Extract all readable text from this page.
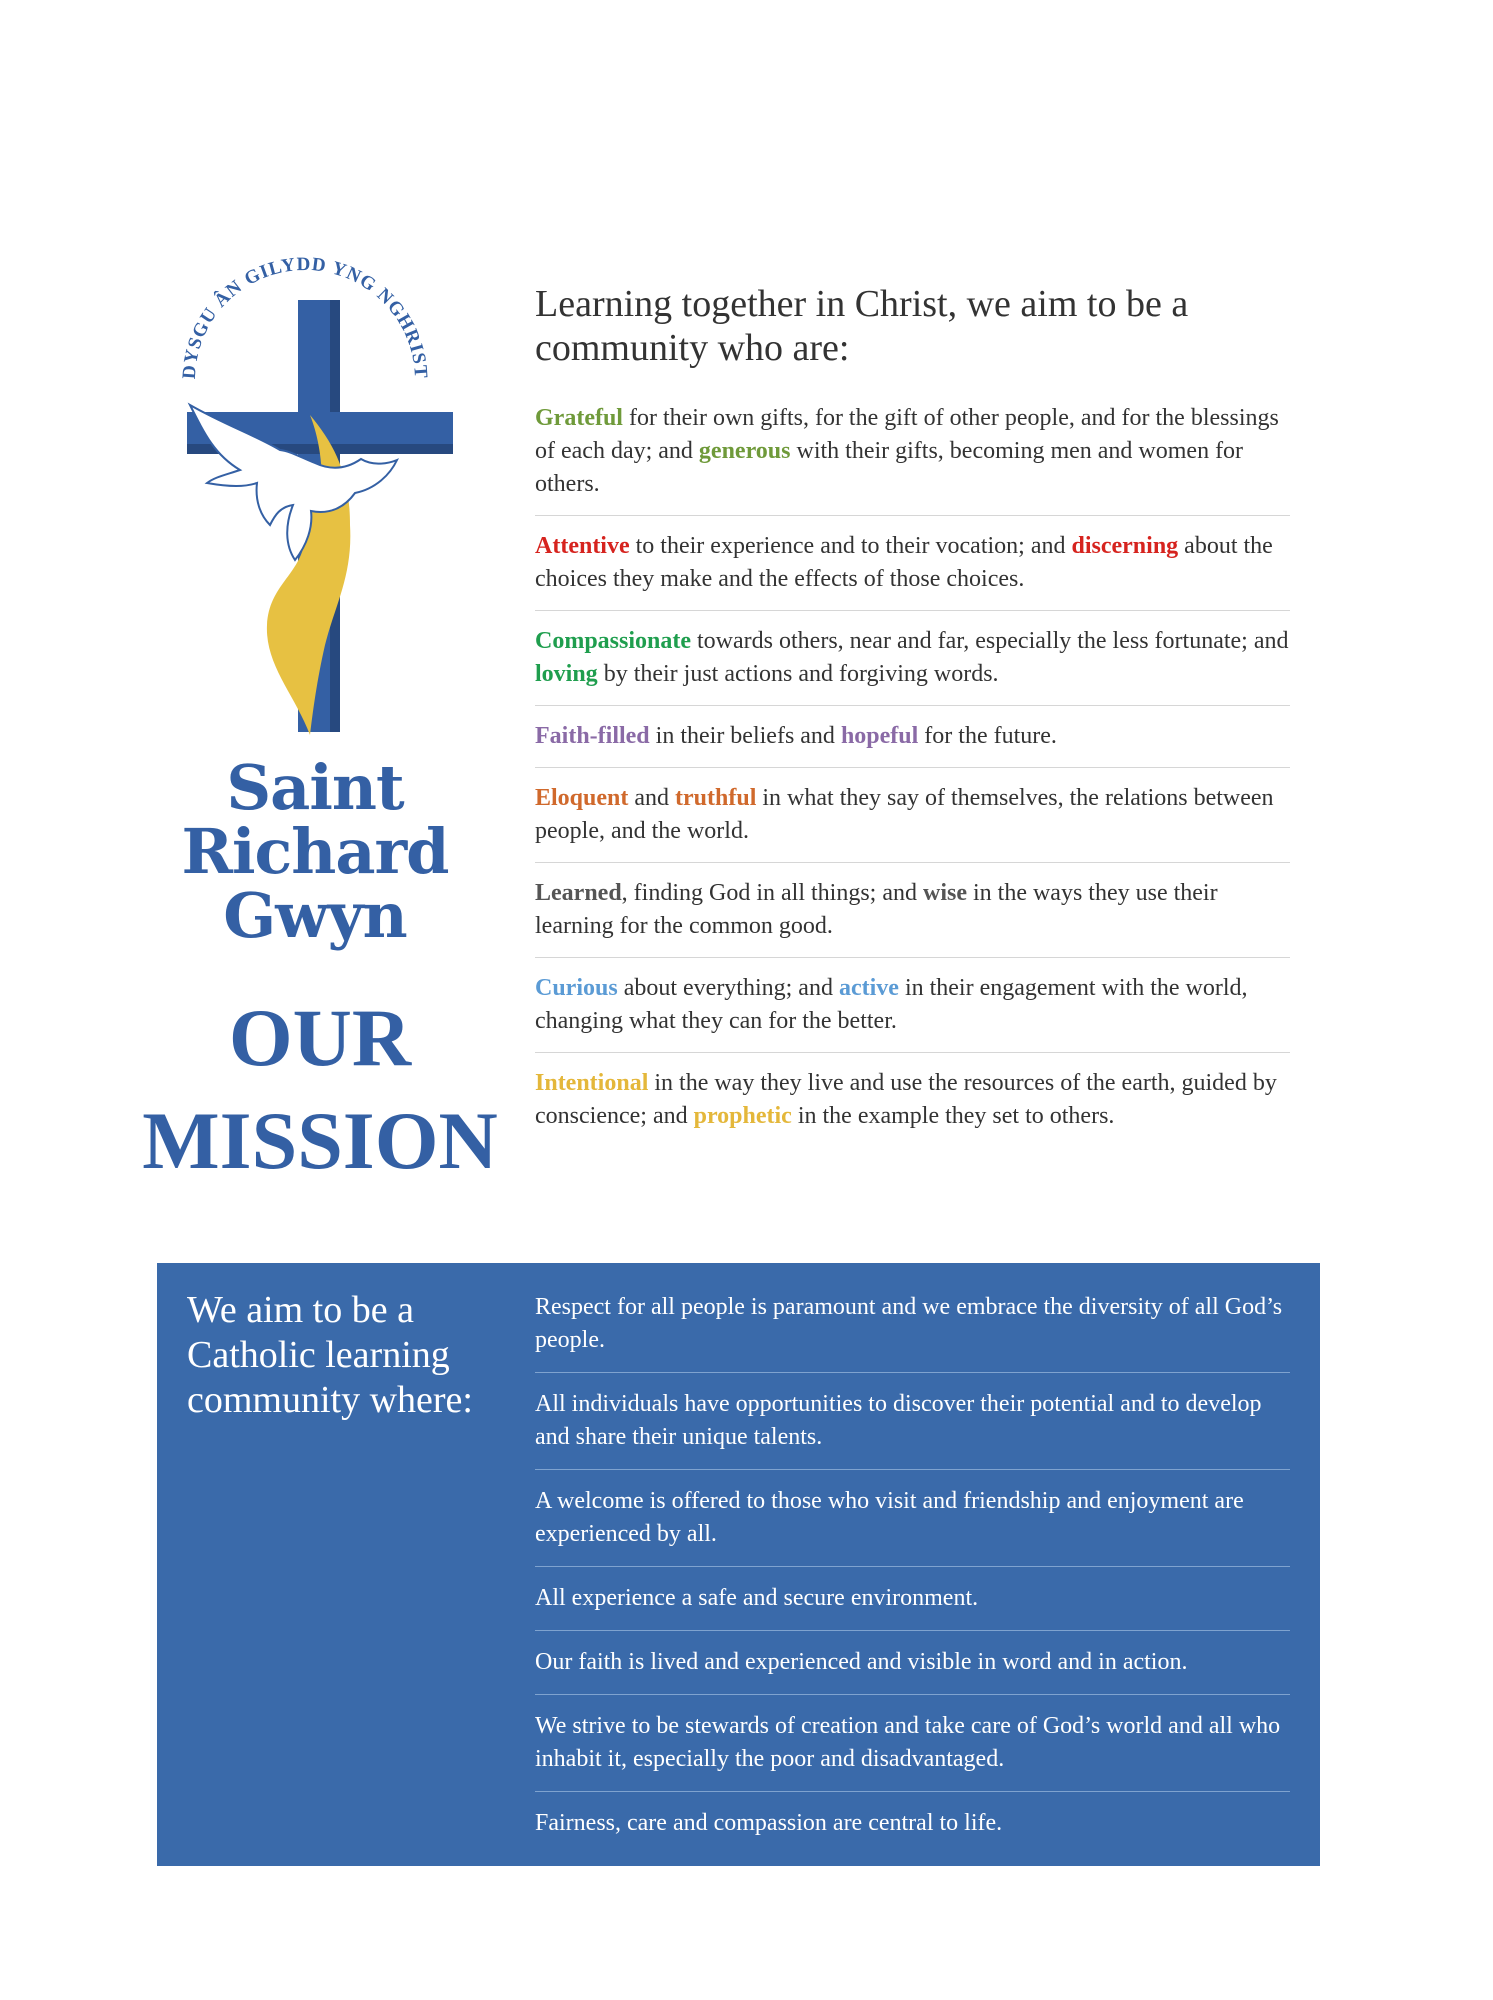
DYSGU ÂN GILYDD YNG NGHRIST
Saint
Richard
Gwyn
OUR
MISSION
Learning together in Christ, we aim to be a community who are:
Grateful for their own gifts, for the gift of other people, and for the blessings of each day; and generous with their gifts, becoming men and women for others.
Attentive to their experience and to their vocation; and discerning about the choices they make and the effects of those choices.
Compassionate towards others, near and far, especially the less fortunate; and loving by their just actions and forgiving words.
Faith-filled in their beliefs and hopeful for the future.
Eloquent and truthful in what they say of themselves, the relations between people, and the world.
Learned, finding God in all things; and wise in the ways they use their learning for the common good.
Curious about everything; and active in their engagement with the world, changing what they can for the better.
Intentional in the way they live and use the resources of the earth, guided by conscience; and prophetic in the example they set to others.
We aim to be a Catholic learning community where:
Respect for all people is paramount and we embrace the diversity of all God’s people.
All individuals have opportunities to discover their potential and to develop and share their unique talents.
A welcome is offered to those who visit and friendship and enjoyment are experienced by all.
All experience a safe and secure environment.
Our faith is lived and experienced and visible in word and in action.
We strive to be stewards of creation and take care of God’s world and all who inhabit it, especially the poor and disadvantaged.
Fairness, care and compassion are central to life.
